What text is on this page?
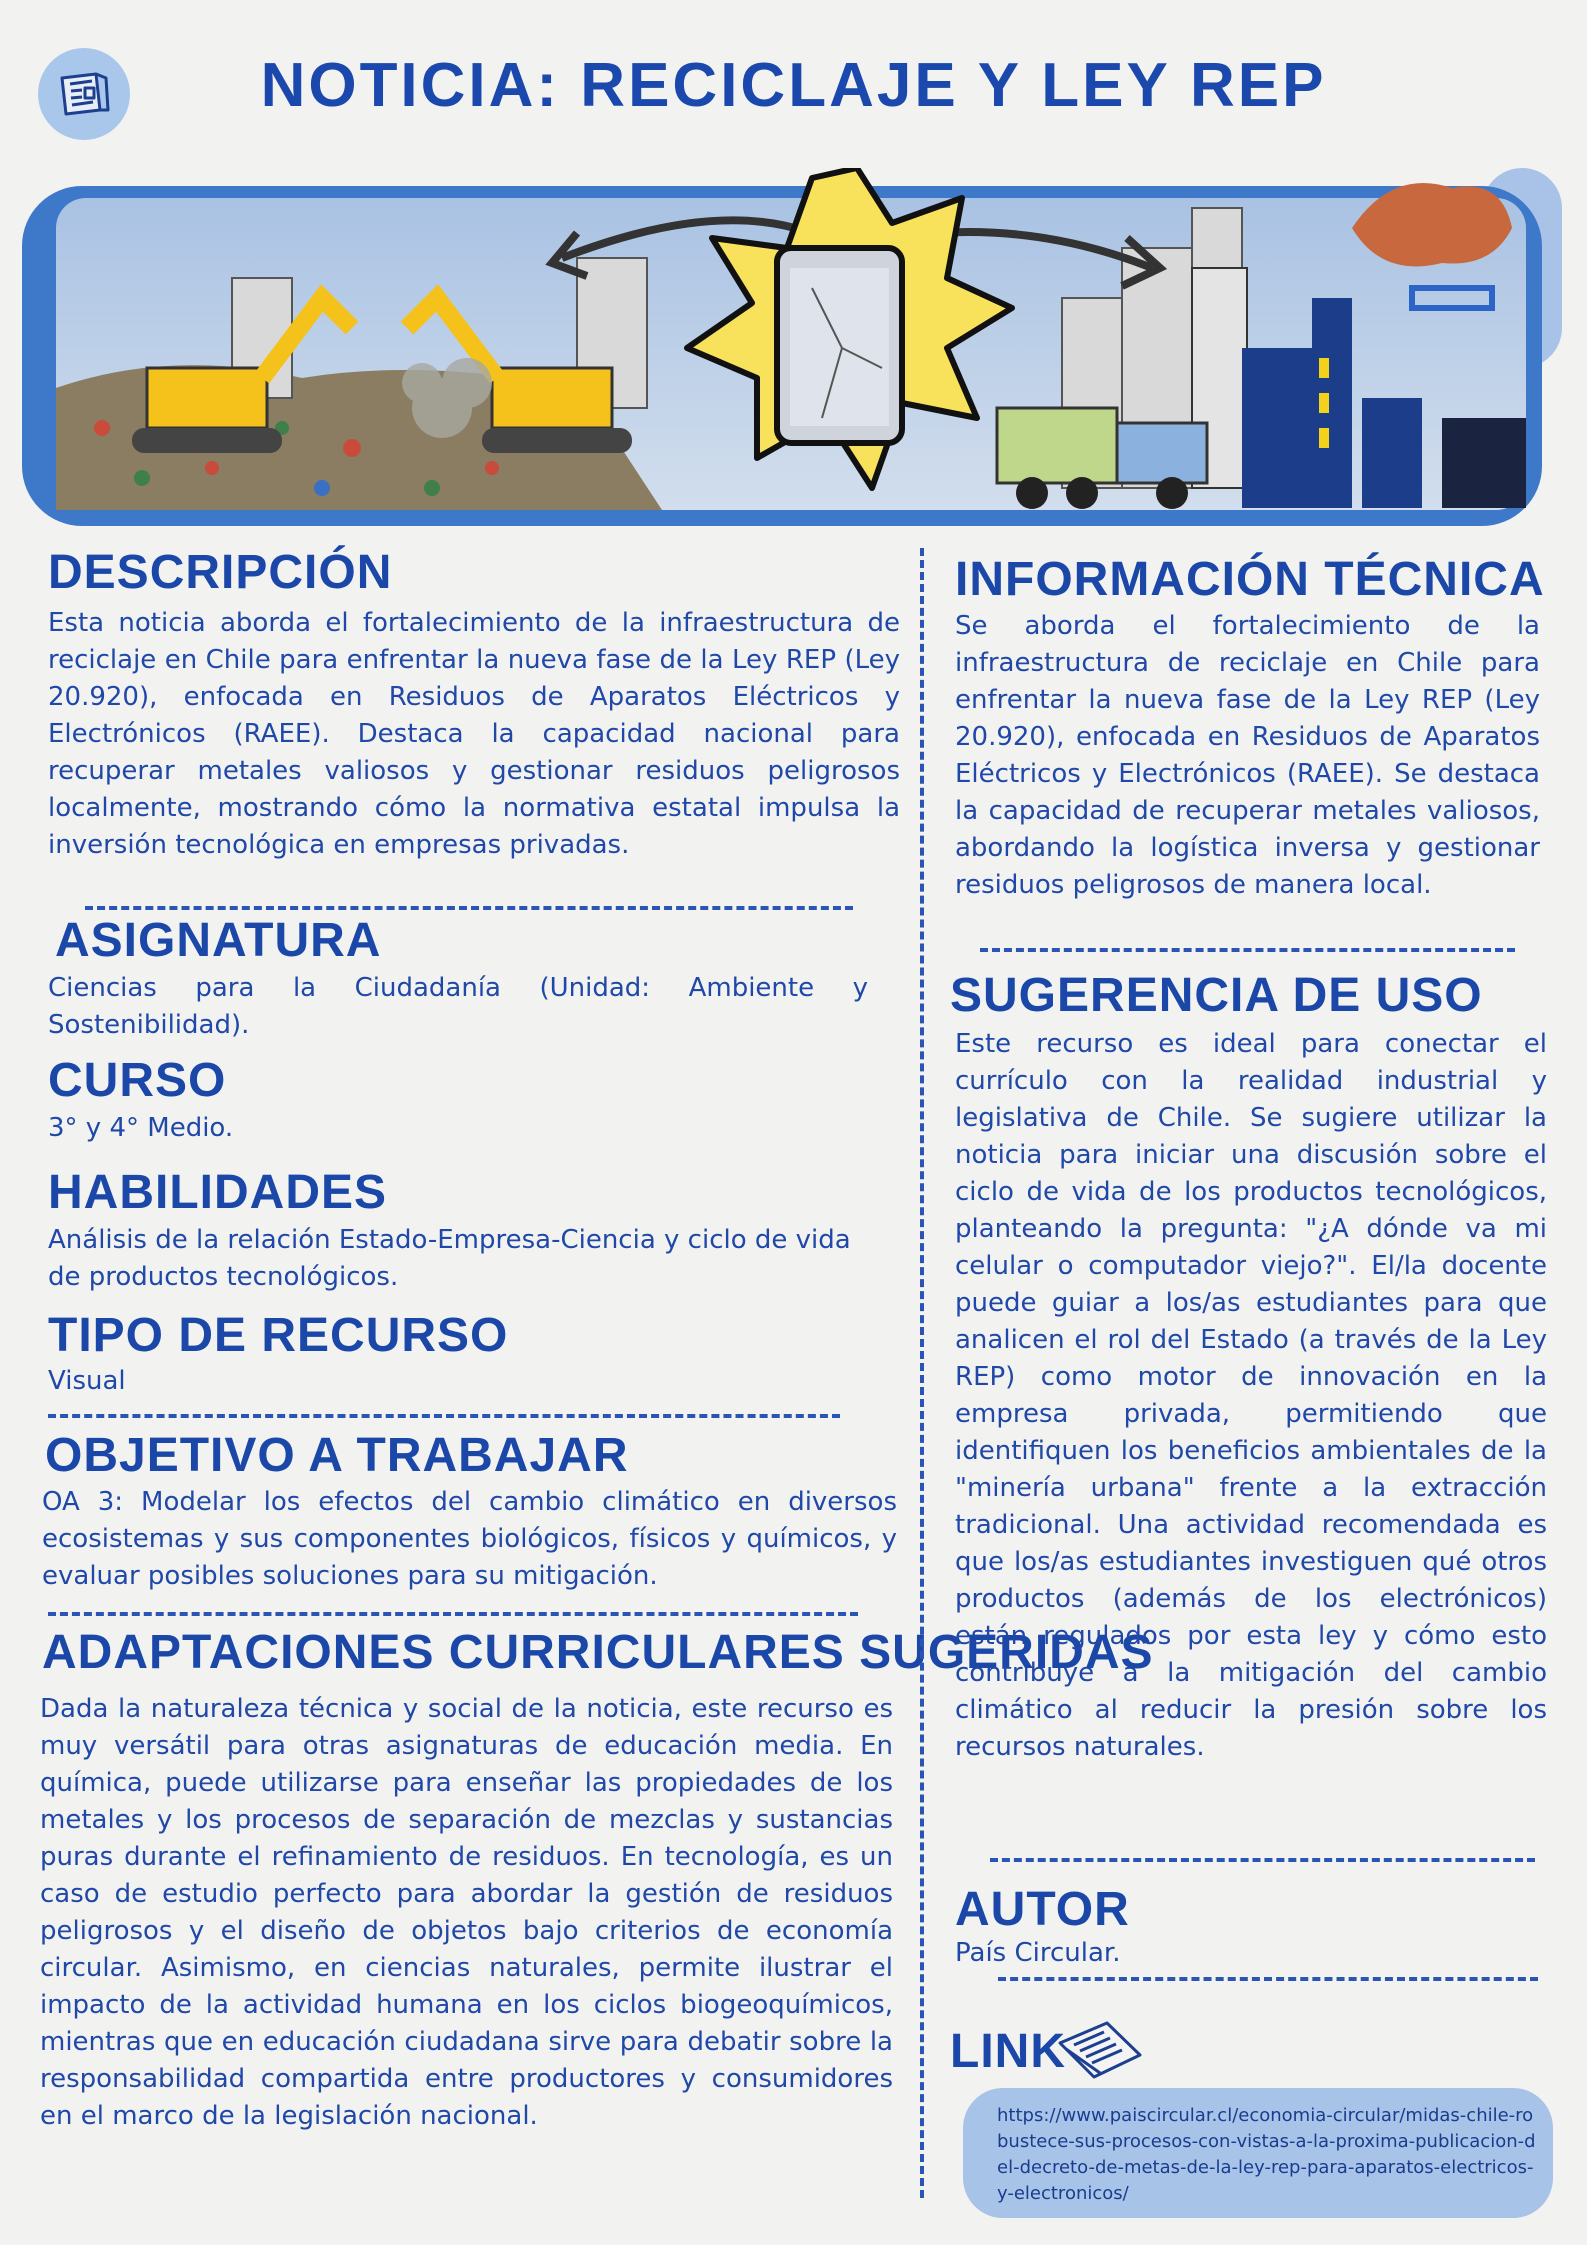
NOTICIA: RECICLAJE Y LEY REP
DESCRIPCIÓN

Esta noticia aborda el fortalecimiento de la infraestructura de reciclaje en Chile para enfrentar la nueva fase de la Ley REP (Ley 20.920), enfocada en Residuos de Aparatos Eléctricos y Electrónicos (RAEE). Destaca la capacidad nacional para recuperar metales valiosos y gestionar residuos peligrosos localmente, mostrando cómo la normativa estatal impulsa la inversión tecnológica en empresas privadas.

ASIGNATURA

Ciencias para la Ciudadanía (Unidad: Ambiente y Sostenibilidad).

CURSO

3° y 4° Medio.

HABILIDADES

Análisis de la relación Estado-Empresa-Ciencia y ciclo de vida de productos tecnológicos.

TIPO DE RECURSO

Visual

OBJETIVO A TRABAJAR

OA 3: Modelar los efectos del cambio climático en diversos ecosistemas y sus componentes biológicos, físicos y químicos, y evaluar posibles soluciones para su mitigación.

ADAPTACIONES CURRICULARES SUGERIDAS

Dada la naturaleza técnica y social de la noticia, este recurso es muy versátil para otras asignaturas de educación media. En química, puede utilizarse para enseñar las propiedades de los metales y los procesos de separación de mezclas y sustancias puras durante el refinamiento de residuos. En tecnología, es un caso de estudio perfecto para abordar la gestión de residuos peligrosos y el diseño de objetos bajo criterios de economía circular. Asimismo, en ciencias naturales, permite ilustrar el impacto de la actividad humana en los ciclos biogeoquímicos, mientras que en educación ciudadana sirve para debatir sobre la responsabilidad compartida entre productores y consumidores en el marco de la legislación nacional.

INFORMACIÓN TÉCNICA

Se aborda el fortalecimiento de la infraestructura de reciclaje en Chile para enfrentar la nueva fase de la Ley REP (Ley 20.920), enfocada en Residuos de Aparatos Eléctricos y Electrónicos (RAEE). Se destaca la capacidad de recuperar metales valiosos, abordando la logística inversa y gestionar residuos peligrosos de manera local.

SUGERENCIA DE USO

Este recurso es ideal para conectar el currículo con la realidad industrial y legislativa de Chile. Se sugiere utilizar la noticia para iniciar una discusión sobre el ciclo de vida de los productos tecnológicos, planteando la pregunta: "¿A dónde va mi celular o computador viejo?". El/la docente puede guiar a los/as estudiantes para que analicen el rol del Estado (a través de la Ley REP) como motor de innovación en la empresa privada, permitiendo que identifiquen los beneficios ambientales de la "minería urbana" frente a la extracción tradicional. Una actividad recomendada es que los/as estudiantes investiguen qué otros productos (además de los electrónicos) están regulados por esta ley y cómo esto contribuye a la mitigación del cambio climático al reducir la presión sobre los recursos naturales.

AUTOR

País Circular.

LINK

https://www.paiscircular.cl/economia-circular/midas-chile-robustece-sus-procesos-con-vistas-a-la-proxima-publicacion-del-decreto-de-metas-de-la-ley-rep-para-aparatos-electricos-y-electronicos/
